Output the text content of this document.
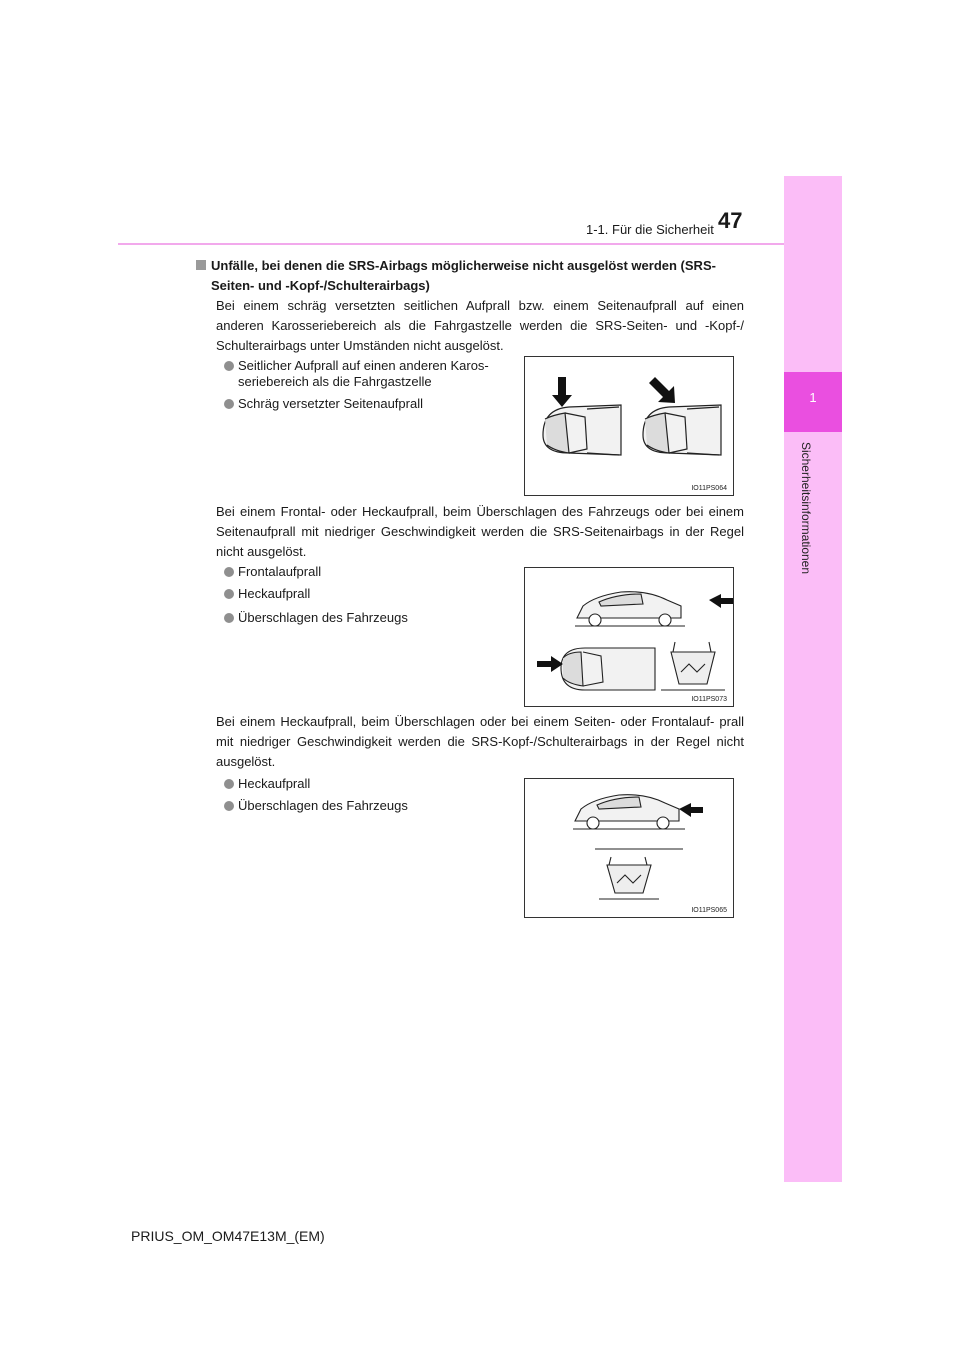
1
Sicherheitsinformationen
1-1. Für die Sicherheit 47
Unfälle, bei denen die SRS-Airbags möglicherweise nicht ausgelöst werden (SRS-Seiten- und -Kopf-/Schulterairbags)
Bei einem schräg versetzten seitlichen Aufprall bzw. einem Seitenaufprall auf einen anderen Karosseriebereich als die Fahrgastzelle werden die SRS-Seiten- und -Kopf-/ Schulterairbags unter Umständen nicht ausgelöst.
Seitlicher Aufprall auf einen anderen Karos-
seriebereich als die Fahrgastzelle
Schräg versetzter Seitenaufprall
IO11PS064
Bei einem Frontal- oder Heckaufprall, beim Überschlagen des Fahrzeugs oder bei einem Seitenaufprall mit niedriger Geschwindigkeit werden die SRS-Seitenairbags in der Regel nicht ausgelöst.
Frontalaufprall
Heckaufprall
Überschlagen des Fahrzeugs
IO11PS073
Bei einem Heckaufprall, beim Überschlagen oder bei einem Seiten- oder Frontalauf- prall mit niedriger Geschwindigkeit werden die SRS-Kopf-/Schulterairbags in der Regel nicht ausgelöst.
Heckaufprall
Überschlagen des Fahrzeugs
IO11PS065
PRIUS_OM_OM47E13M_(EM)
